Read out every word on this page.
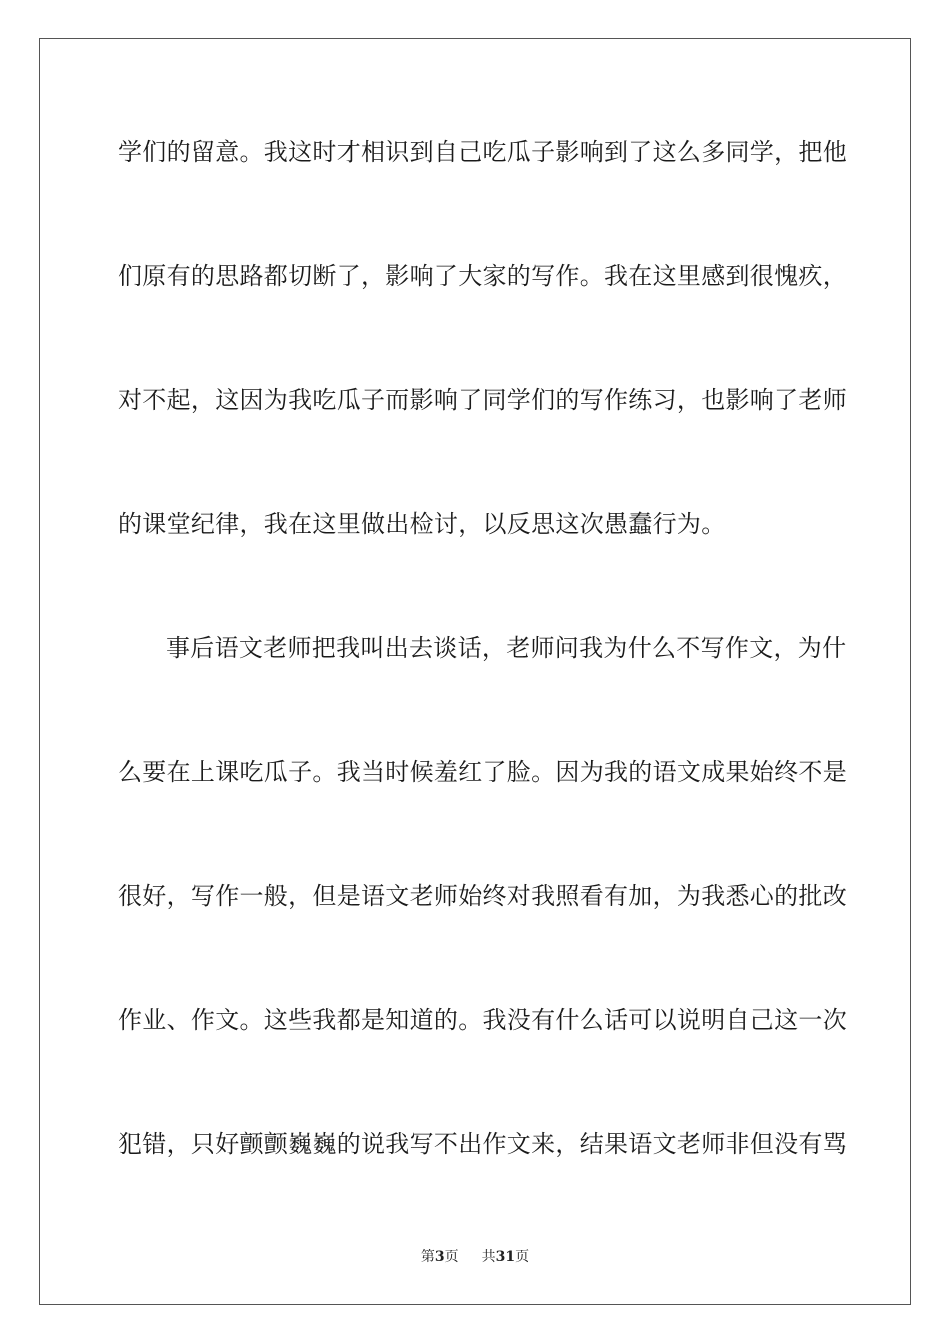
学们的留意。我这时才相识到自己吃瓜子影响到了这么多同学，把他
们原有的思路都切断了，影响了大家的写作。我在这里感到很愧疚，
对不起，这因为我吃瓜子而影响了同学们的写作练习，也影响了老师
的课堂纪律，我在这里做出检讨，以反思这次愚蠢行为。
事后语文老师把我叫出去谈话，老师问我为什么不写作文，为什
么要在上课吃瓜子。我当时候羞红了脸。因为我的语文成果始终不是
很好，写作一般，但是语文老师始终对我照看有加，为我悉心的批改
作业、作文。这些我都是知道的。我没有什么话可以说明自己这一次
犯错，只好颤颤巍巍的说我写不出作文来，结果语文老师非但没有骂
第3页 共31页
